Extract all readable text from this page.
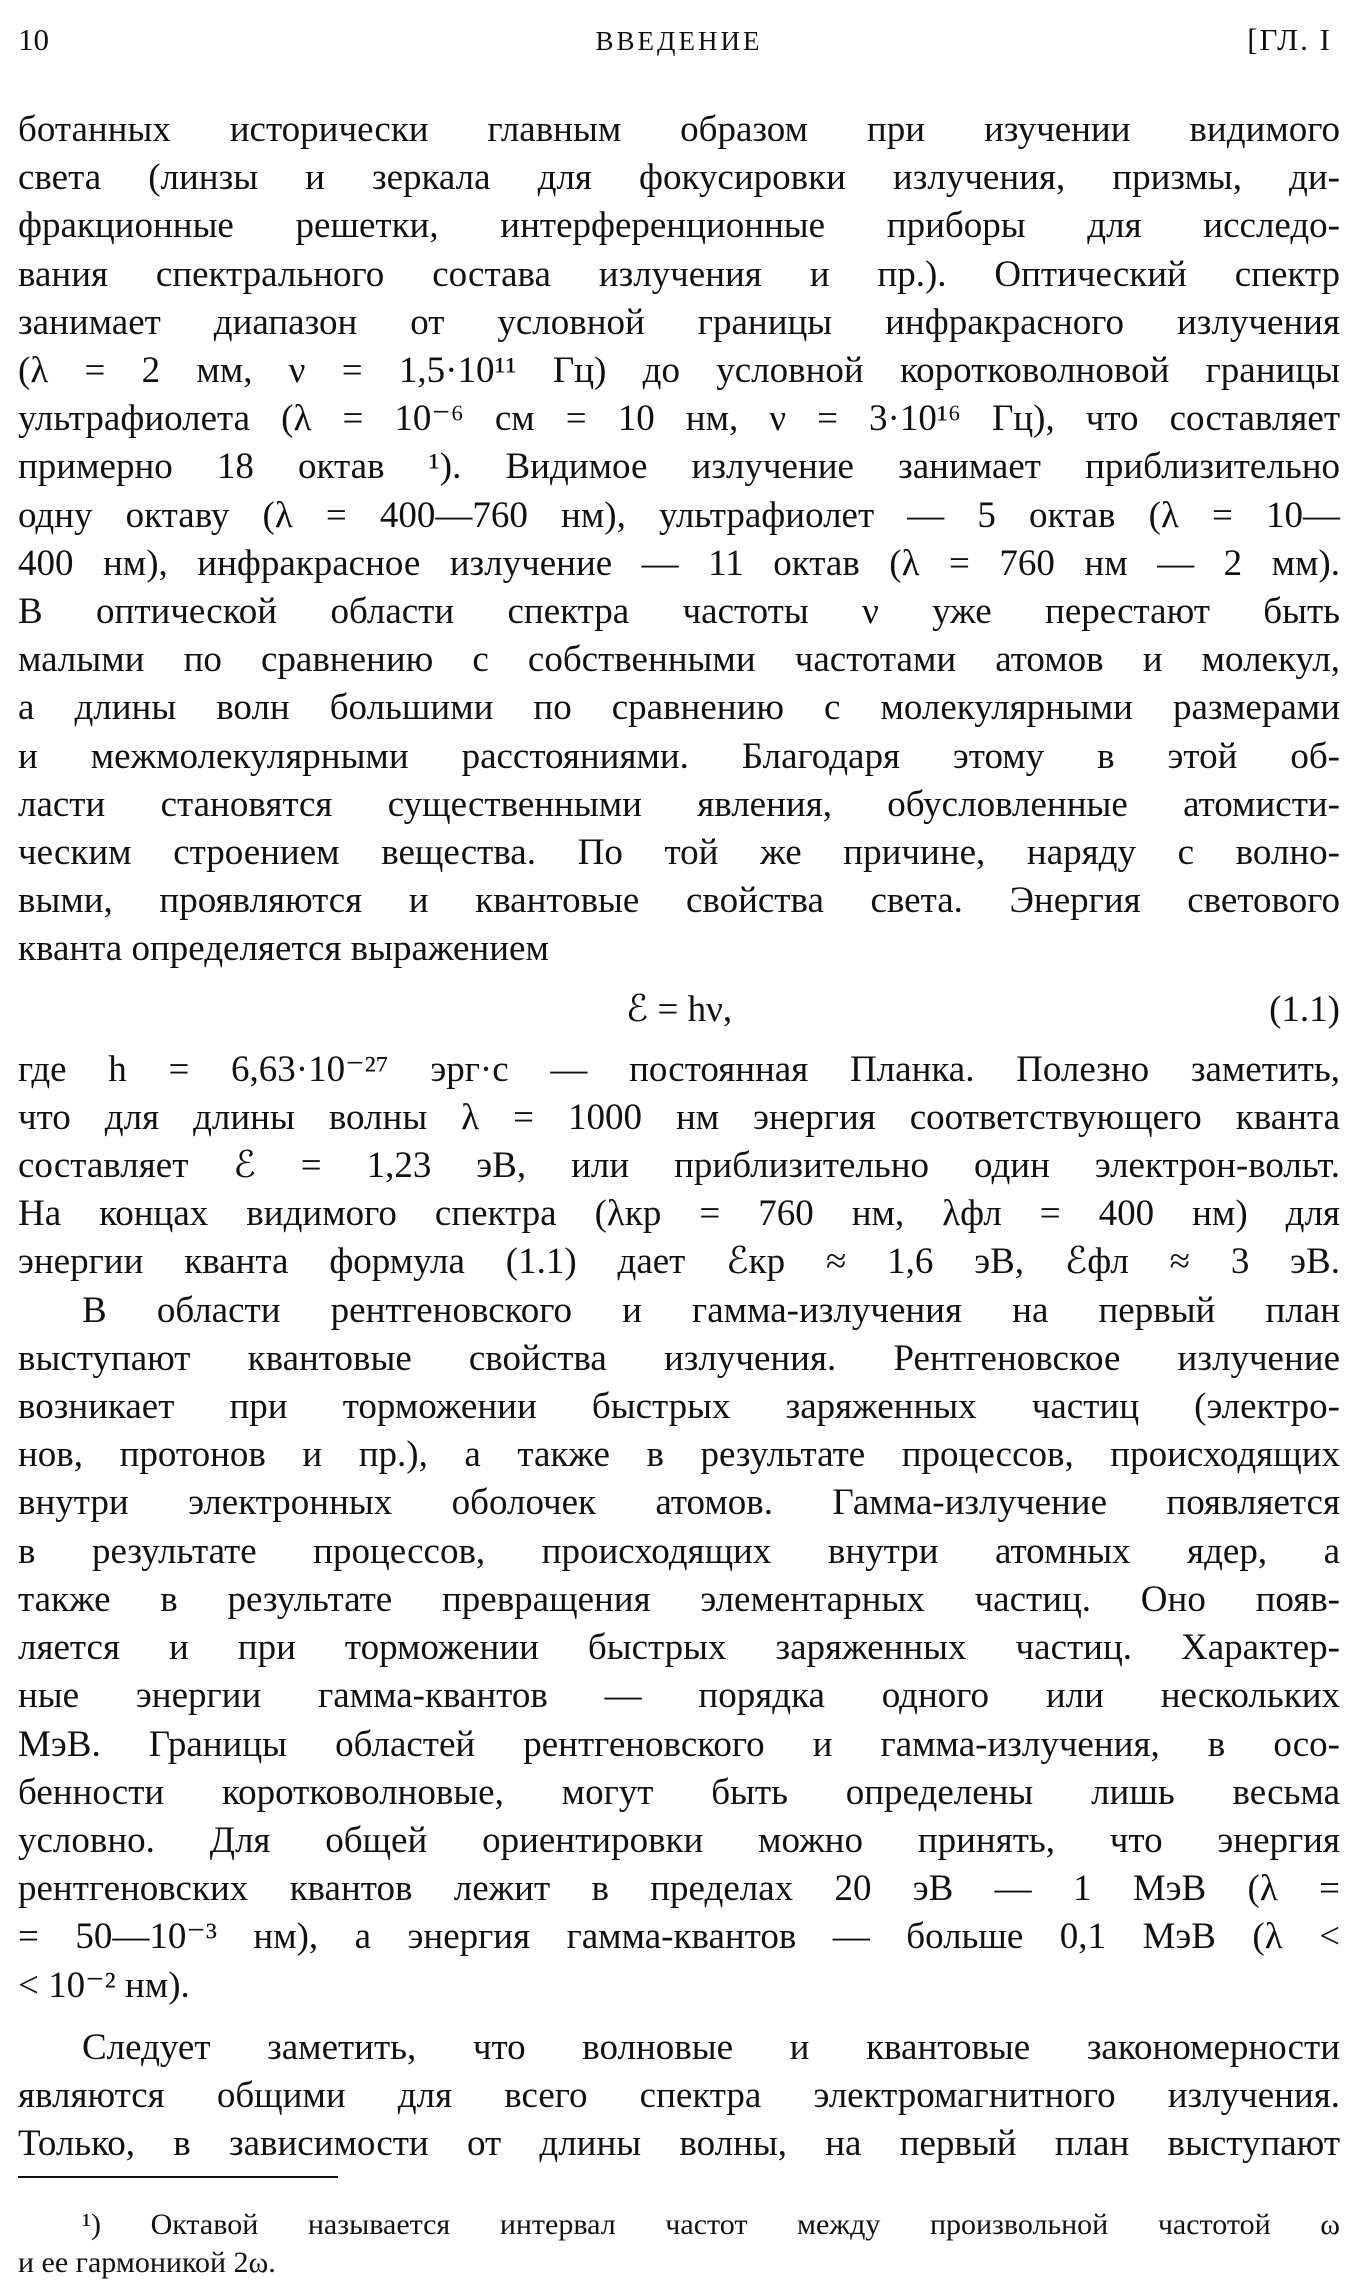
10	ВВЕДЕНИЕ	[ГЛ. I

ботанных исторически главным образом при изучении видимого

света (линзы и зеркала для фокусировки излучения, призмы, ди-

фракционные решетки, интерференционные приборы для исследо-

вания спектрального состава излучения и пр.). Оптический спектр

занимает диапазон от условной границы инфракрасного излучения

(λ = 2 мм, ν = 1,5·10¹¹ Гц) до условной коротковолновой границы

ультрафиолета (λ = 10⁻⁶ см = 10 нм, ν = 3·10¹⁶ Гц), что составляет

примерно 18 октав ¹). Видимое излучение занимает приблизительно

одну октаву (λ = 400—760 нм), ультрафиолет — 5 октав (λ = 10—

400 нм), инфракрасное излучение — 11 октав (λ = 760 нм — 2 мм).

В оптической области спектра частоты ν уже перестают быть

малыми по сравнению с собственными частотами атомов и молекул,

а длины волн большими по сравнению с молекулярными размерами

и межмолекулярными расстояниями. Благодаря этому в этой об-

ласти становятся существенными явления, обусловленные атомисти-

ческим строением вещества. По той же причине, наряду с волно-

выми, проявляются и квантовые свойства света. Энергия светового

кванта определяется выражением

ℰ = hν,	(1.1)

где h = 6,63·10⁻²⁷ эрг·с — постоянная Планка. Полезно заметить,

что для длины волны λ = 1000 нм энергия соответствующего кванта

составляет ℰ = 1,23 эВ, или приблизительно один электрон-вольт.

На концах видимого спектра (λкр = 760 нм, λфл = 400 нм) для

энергии кванта формула (1.1) дает ℰкр ≈ 1,6 эВ, ℰфл ≈ 3 эВ.

В области рентгеновского и гамма-излучения на первый план

выступают квантовые свойства излучения. Рентгеновское излучение

возникает при торможении быстрых заряженных частиц (электро-

нов, протонов и пр.), а также в результате процессов, происходящих

внутри электронных оболочек атомов. Гамма-излучение появляется

в результате процессов, происходящих внутри атомных ядер, а

также в результате превращения элементарных частиц. Оно появ-

ляется и при торможении быстрых заряженных частиц. Характер-

ные энергии гамма-квантов — порядка одного или нескольких

МэВ. Границы областей рентгеновского и гамма-излучения, в осо-

бенности коротковолновые, могут быть определены лишь весьма

условно. Для общей ориентировки можно принять, что энергия

рентгеновских квантов лежит в пределах 20 эВ — 1 МэВ (λ =

= 50—10⁻³ нм), а энергия гамма-квантов — больше 0,1 МэВ (λ <

< 10⁻² нм).

Следует заметить, что волновые и квантовые закономерности

являются общими для всего спектра электромагнитного излучения.

Только, в зависимости от длины волны, на первый план выступают

¹) Октавой называется интервал частот между произвольной частотой ω

и ее гармоникой 2ω.
